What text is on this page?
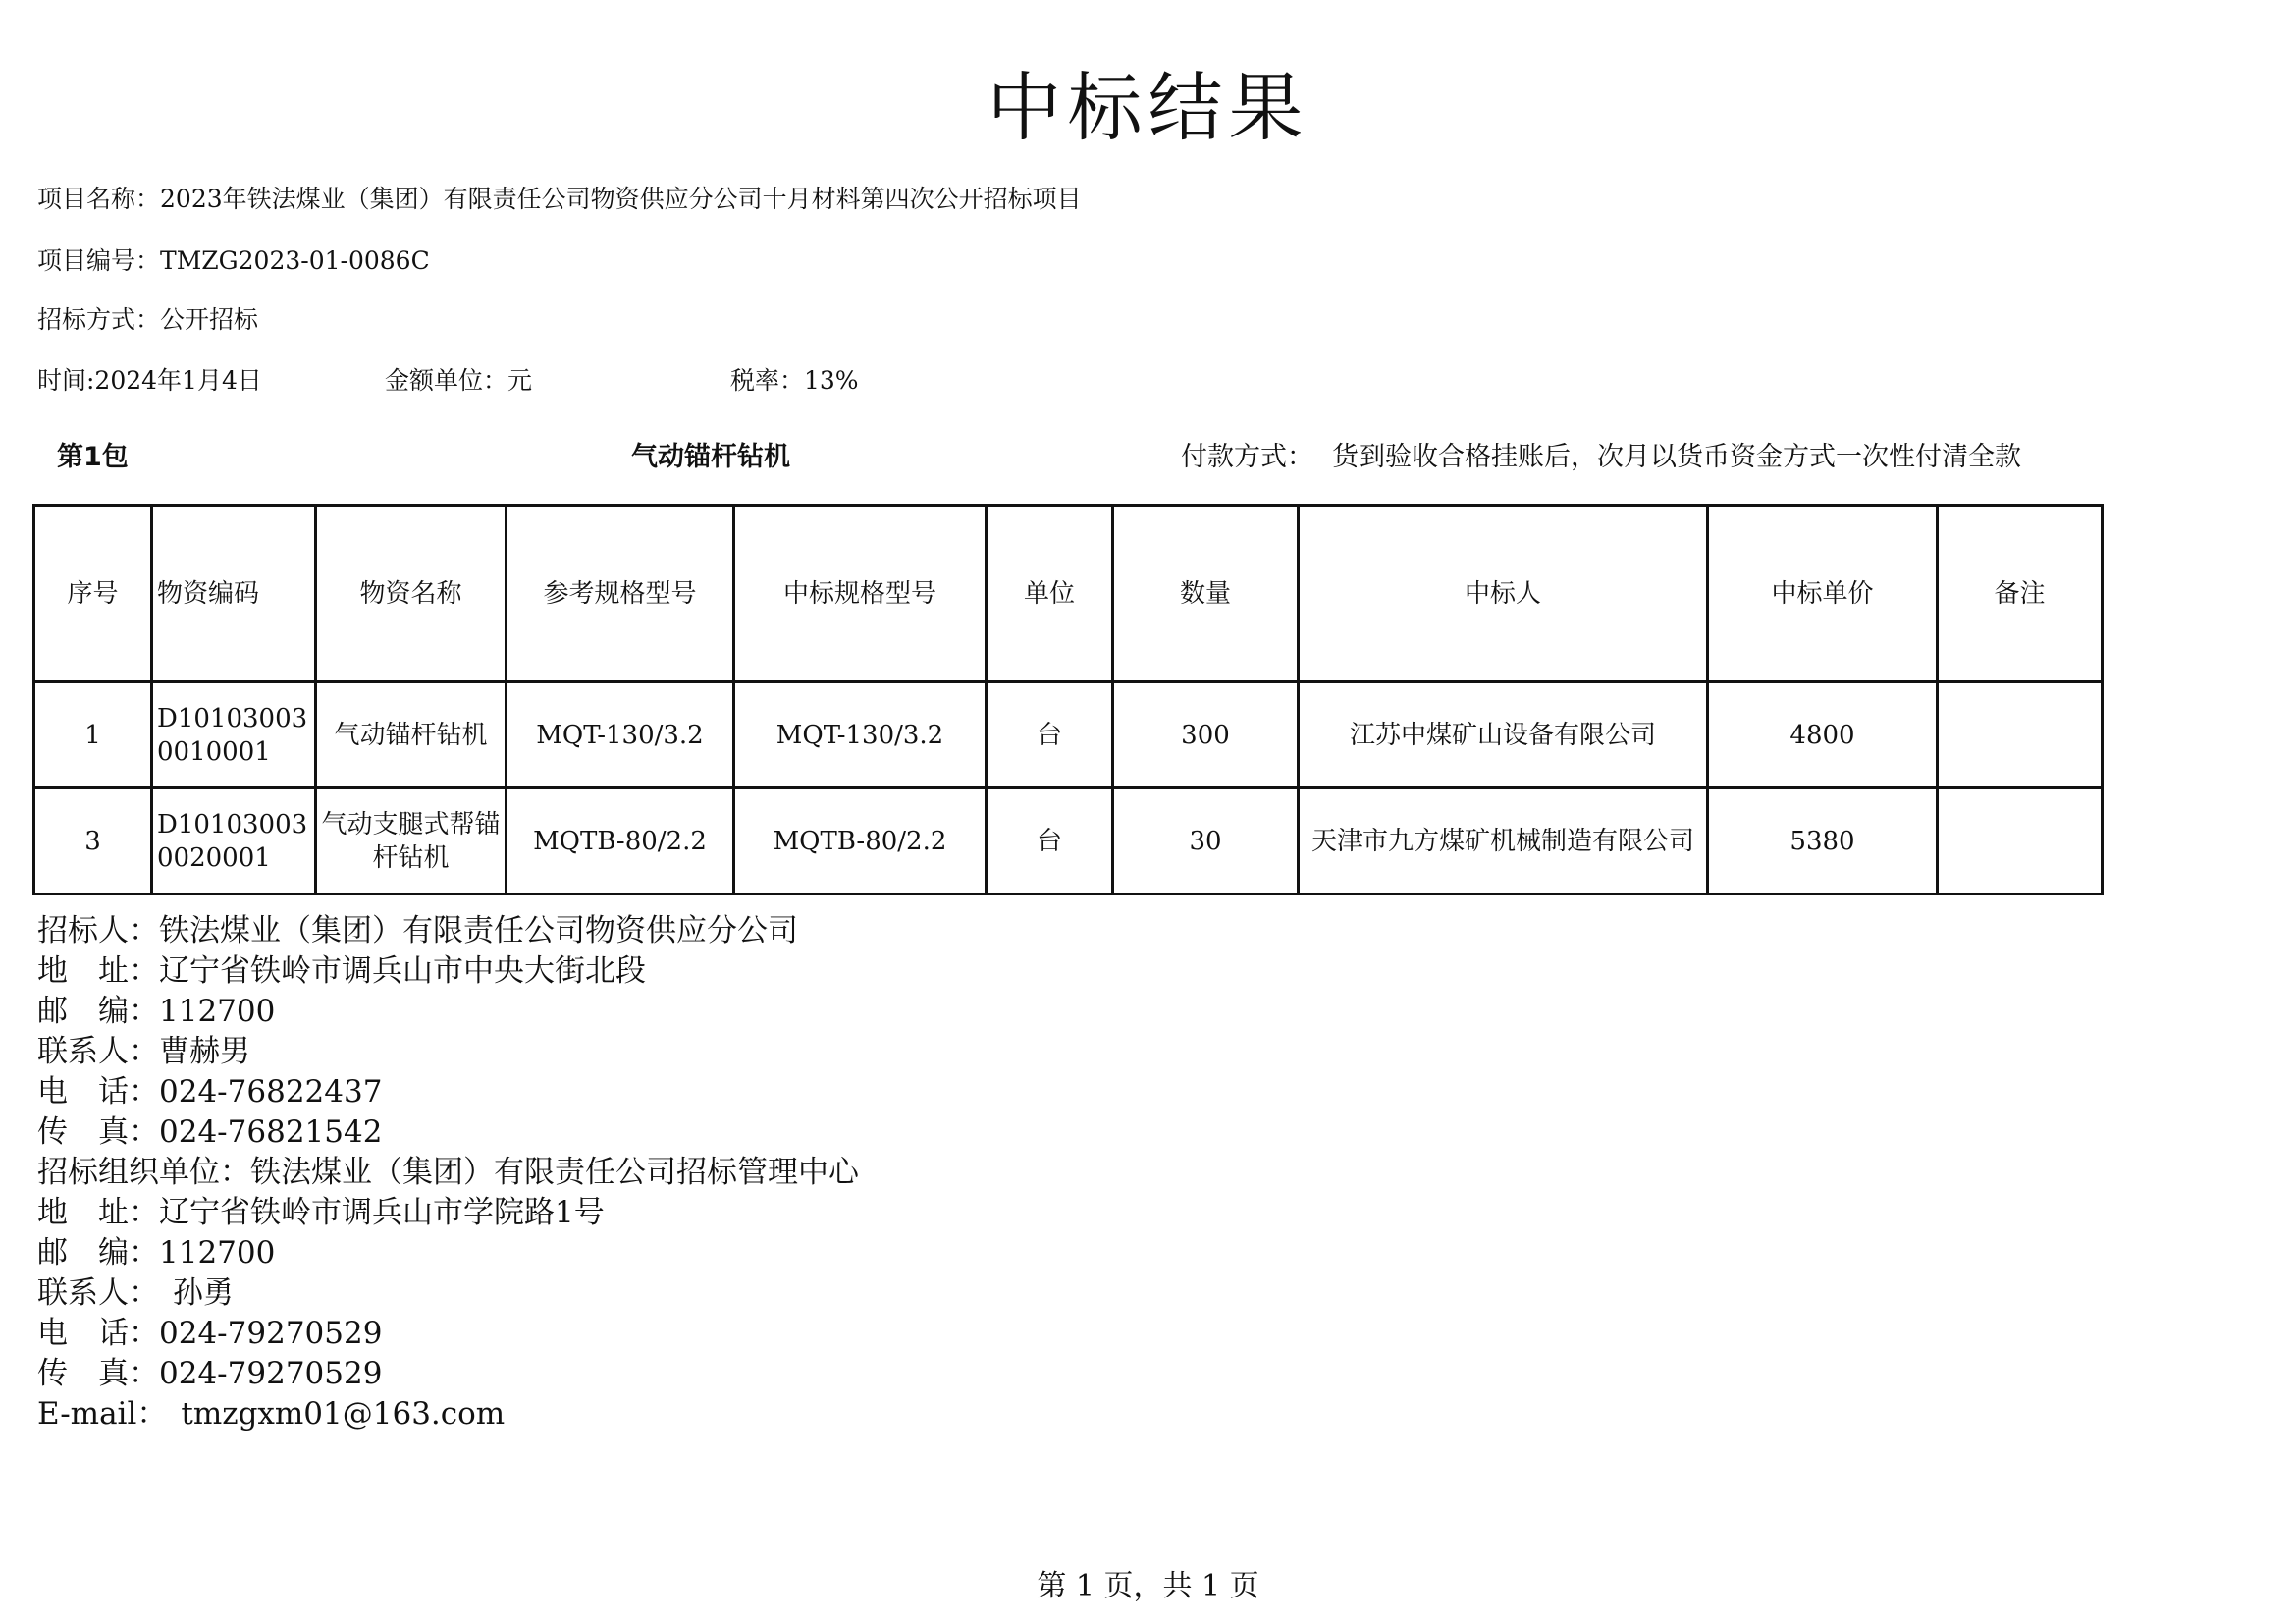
中标结果
项目名称：2023年铁法煤业（集团）有限责任公司物资供应分公司十月材料第四次公开招标项目
项目编号：TMZG2023-01-0086C
招标方式：公开招标
时间:2024年1月4日	金额单位：元	税率：13%
第1包	气动锚杆钻机	付款方式： 货到验收合格挂账后，次月以货币资金方式一次性付清全款
序号	物资编码	物资名称	参考规格型号	中标规格型号	单位	数量	中标人	中标单价	备注
1	D101030030010001	气动锚杆钻机	MQT-130/3.2	MQT-130/3.2	台	300	江苏中煤矿山设备有限公司	4800	
3	D101030030020001	气动支腿式帮锚杆钻机	MQTB-80/2.2	MQTB-80/2.2	台	30	天津市九方煤矿机械制造有限公司	5380	
招标人：铁法煤业（集团）有限责任公司物资供应分公司
地　址：辽宁省铁岭市调兵山市中央大街北段
邮　编：112700
联系人：曹赫男
电　话：024-76822437
传　真：024-76821542
招标组织单位：铁法煤业（集团）有限责任公司招标管理中心
地　址：辽宁省铁岭市调兵山市学院路1号
邮　编：112700
联系人： 孙勇
电　话：024-79270529
传　真：024-79270529
E-mail： tmzgxm01@163.com
第 1 页，共 1 页
